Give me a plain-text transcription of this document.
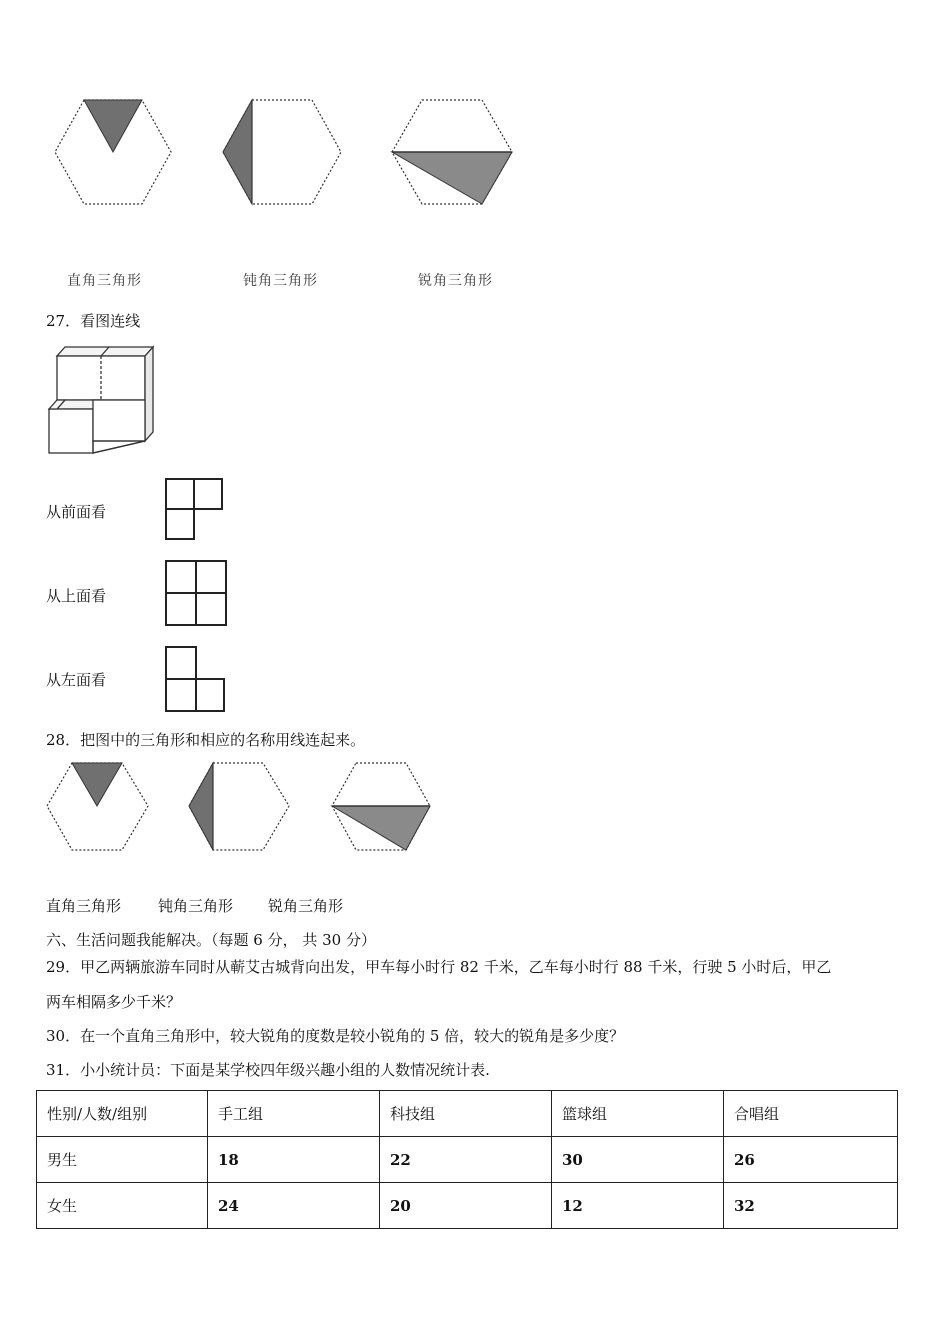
直角三角形	钝角三角形	锐角三角形
27．看图连线
从前面看
从上面看
从左面看
28．把图中的三角形和相应的名称用线连起来。
直角三角形 钝角三角形 锐角三角形
六、生活问题我能解决。（每题 6 分， 共 30 分）
29．甲乙两辆旅游车同时从蕲艾古城背向出发，甲车每小时行 82 千米，乙车每小时行 88 千米，行驶 5 小时后，甲乙
两车相隔多少千米？
30．在一个直角三角形中，较大锐角的度数是较小锐角的 5 倍，较大的锐角是多少度？
31．小小统计员：下面是某学校四年级兴趣小组的人数情况统计表.
性别/人数/组别	手工组	科技组	篮球组	合唱组
男生	18	22	30	26
女生	24	20	12	32
